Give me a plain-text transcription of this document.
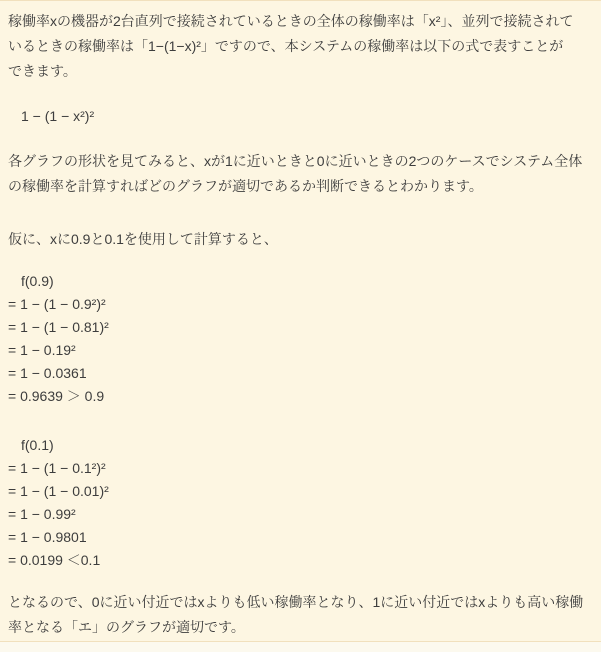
稼働率xの機器が2台直列で接続されているときの全体の稼働率は「x²」、並列で接続されて
いるときの稼働率は「1−(1−x)²」ですので、本システムの稼働率は以下の式で表すことが
できます。
1 − (1 − x²)²
各グラフの形状を見てみると、xが1に近いときと0に近いときの2つのケースでシステム全体
の稼働率を計算すればどのグラフが適切であるか判断できるとわかります。
仮に、xに0.9と0.1を使用して計算すると、
f(0.9)
= 1 − (1 − 0.9²)²
= 1 − (1 − 0.81)²
= 1 − 0.19²
= 1 − 0.0361
= 0.9639 ＞ 0.9
f(0.1)
= 1 − (1 − 0.1²)²
= 1 − (1 − 0.01)²
= 1 − 0.99²
= 1 − 0.9801
= 0.0199 ＜0.1
となるので、0に近い付近ではxよりも低い稼働率となり、1に近い付近ではxよりも高い稼働
率となる「エ」のグラフが適切です。
